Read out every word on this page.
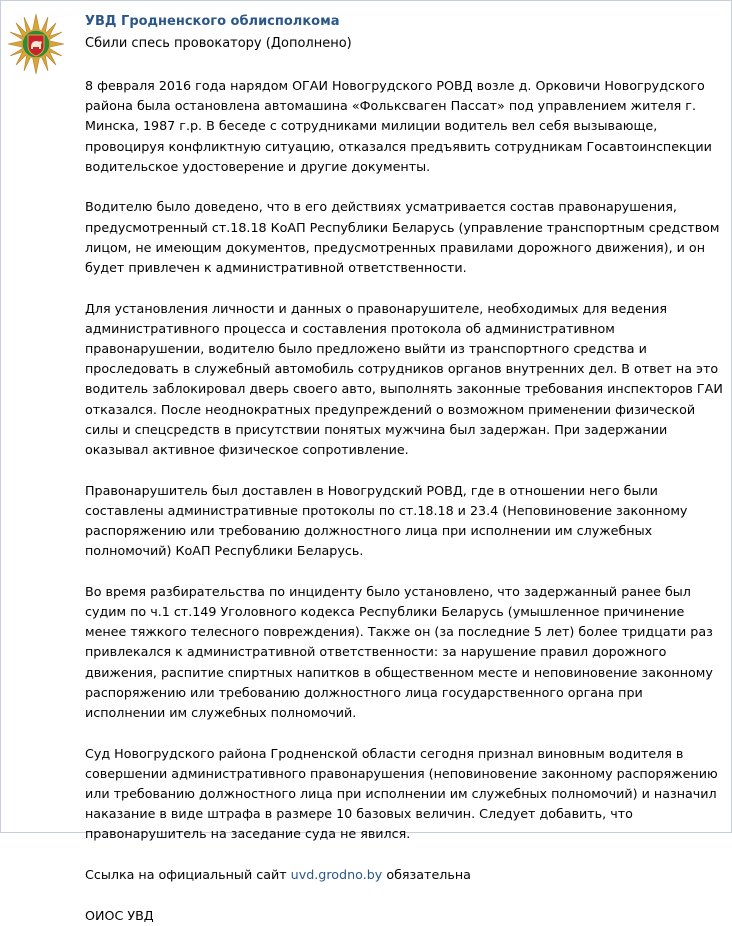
УВД Гродненского облисполкома
Сбили спесь провокатору (Дополнено)

8 февраля 2016 года нарядом ОГАИ Новогрудского РОВД возле д. Орковичи Новогрудского района была остановлена автомашина «Фольксваген Пассат» под управлением жителя г. Минска, 1987 г.р. В беседе с сотрудниками милиции водитель вел себя вызывающе, провоцируя конфликтную ситуацию, отказался предъявить сотрудникам Госавтоинспекции водительское удостоверение и другие документы.

Водителю было доведено, что в его действиях усматривается состав правонарушения, предусмотренный ст.18.18 КоАП Республики Беларусь (управление транспортным средством лицом, не имеющим документов, предусмотренных правилами дорожного движения), и он будет привлечен к административной ответственности.

Для установления личности и данных о правонарушителе, необходимых для ведения административного процесса и составления протокола об административном правонарушении, водителю было предложено выйти из транспортного средства и проследовать в служебный автомобиль сотрудников органов внутренних дел. В ответ на это водитель заблокировал дверь своего авто, выполнять законные требования инспекторов ГАИ отказался. После неоднократных предупреждений о возможном применении физической силы и спецсредств в присутствии понятых мужчина был задержан. При задержании оказывал активное физическое сопротивление.

Правонарушитель был доставлен в Новогрудский РОВД, где в отношении него были составлены административные протоколы по ст.18.18 и 23.4 (Неповиновение законному распоряжению или требованию должностного лица при исполнении им служебных полномочий) КоАП Республики Беларусь.

Во время разбирательства по инциденту было установлено, что задержанный ранее был судим по ч.1 ст.149 Уголовного кодекса Республики Беларусь (умышленное причинение менее тяжкого телесного повреждения). Также он (за последние 5 лет) более тридцати раз привлекался к административной ответственности: за нарушение правил дорожного движения, распитие спиртных напитков в общественном месте и неповиновение законному распоряжению или требованию должностного лица государственного органа при исполнении им служебных полномочий.

Суд Новогрудского района Гродненской области сегодня признал виновным водителя в совершении административного правонарушения (неповиновение законному распоряжению или требованию должностного лица при исполнении им служебных полномочий) и назначил наказание в виде штрафа в размере 10 базовых величин. Следует добавить, что правонарушитель на заседание суда не явился.

Ссылка на официальный сайт uvd.grodno.by обязательна

ОИОС УВД
